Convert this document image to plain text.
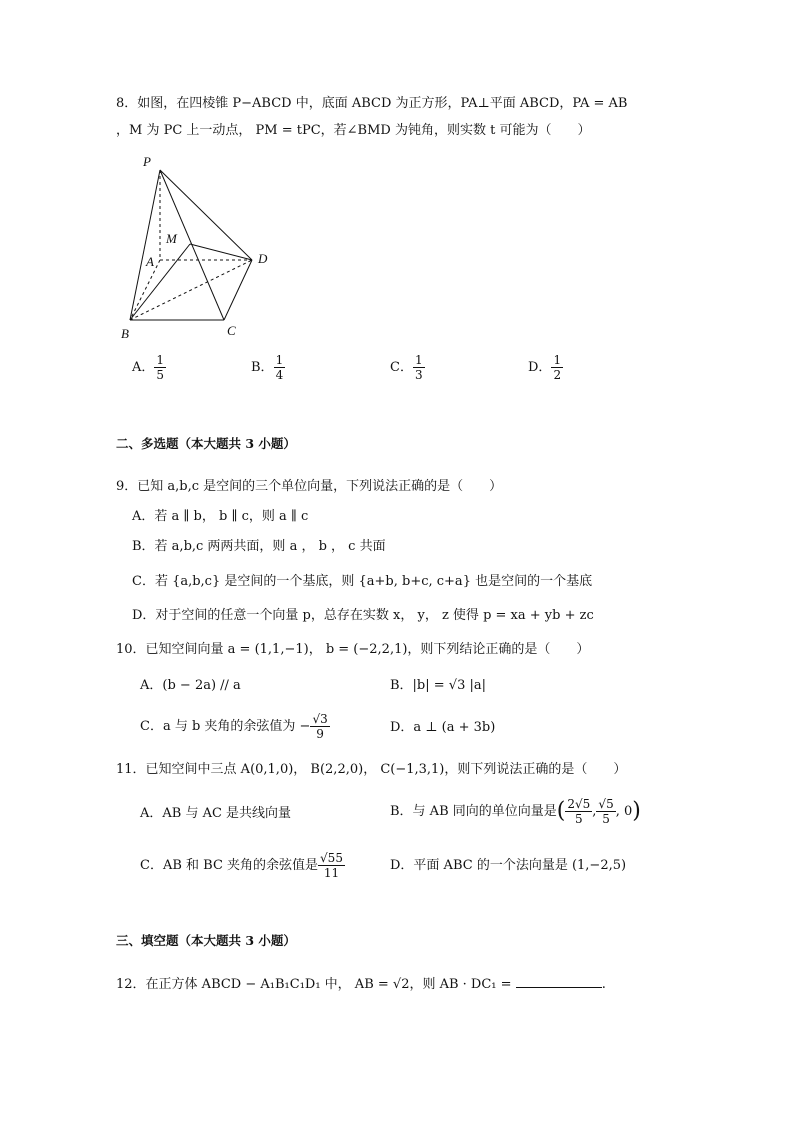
8．如图，在四棱锥 P−ABCD 中，底面 ABCD 为正方形，PA⊥平面 ABCD，PA = AB
，M 为 PC 上一动点， PM = tPC，若∠BMD 为钝角，则实数 t 可能为（　　）
P
M
A	D
B	C
A． $\frac{1}{5}$	B． $\frac{1}{4}$	C． $\frac{1}{3}$	D． $\frac{1}{2}$
二、多选题（本大题共 3 小题）
9．已知 a,b,c 是空间的三个单位向量，下列说法正确的是（　　）
A．若 a ∥ b， b ∥ c，则 a ∥ c
B．若 a,b,c 两两共面，则 a ， b ， c 共面
C．若 {a,b,c} 是空间的一个基底，则 {a+b, b+c, c+a} 也是空间的一个基底
D．对于空间的任意一个向量 p，总存在实数 x， y， z 使得 p = xa + yb + zc
10．已知空间向量 a = (1,1,−1)， b = (−2,2,1)，则下列结论正确的是（　　）
A．(b − 2a) // a	B．|b| = √3 |a|
C．a 与 b 夹角的余弦值为 − $\frac{√3}{9}$	D．a ⊥ (a + 3b)
11．已知空间中三点 A(0,1,0)， B(2,2,0)， C(−1,3,1)，则下列说法正确的是（　　）
A．AB 与 AC 是共线向量	B．与 AB 同向的单位向量是( $\frac{2√5}{5}$ , $\frac{√5}{5}$ , 0)
C．AB 和 BC 夹角的余弦值是 $\frac{√55}{11}$	D．平面 ABC 的一个法向量是 (1,−2,5)
三、填空题（本大题共 3 小题）
12．在正方体 ABCD − A₁B₁C₁D₁ 中， AB = √2，则 AB · DC₁ =	.
